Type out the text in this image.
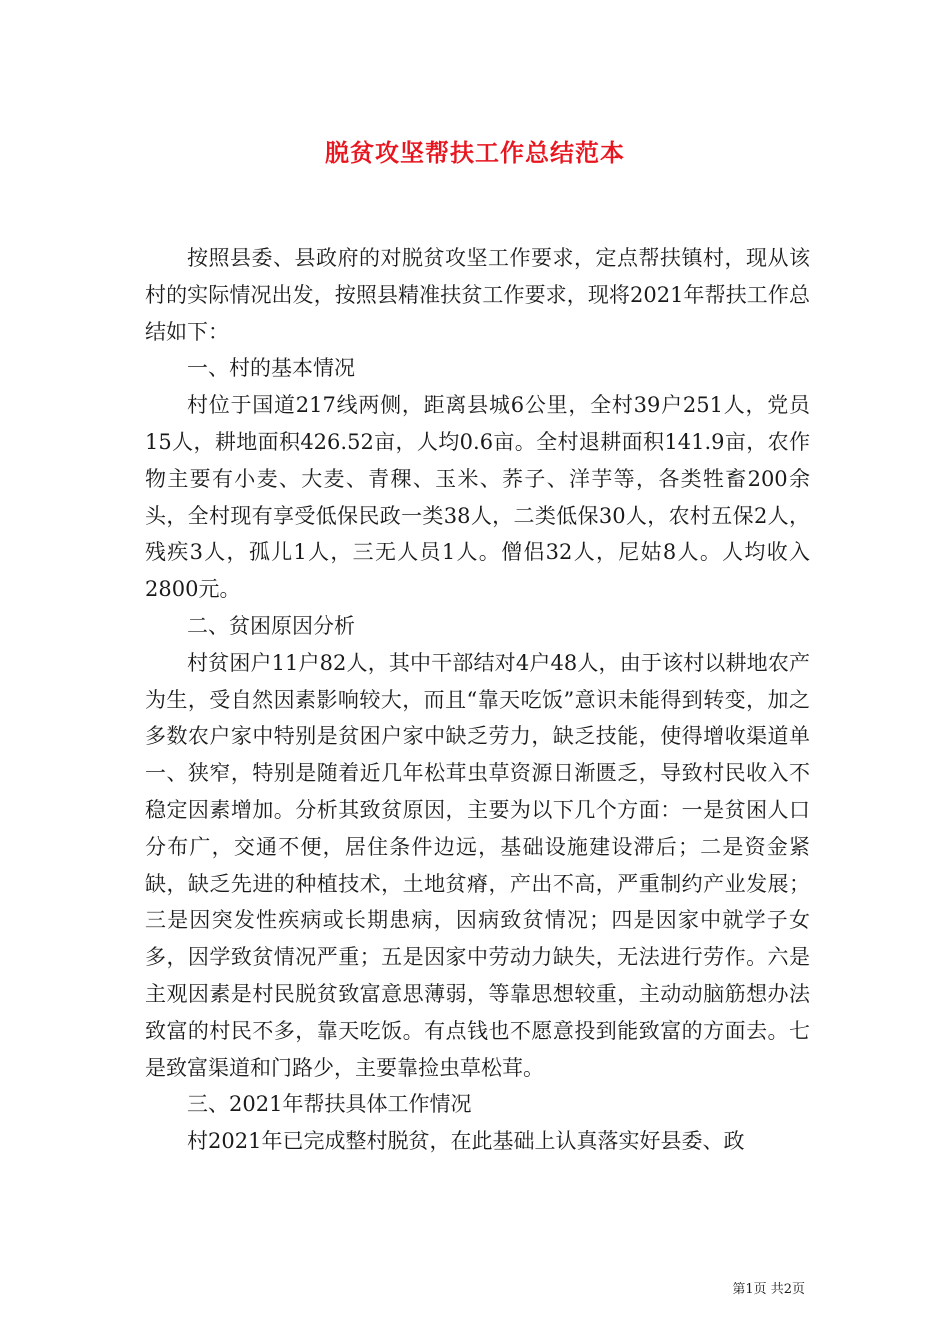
脱贫攻坚帮扶工作总结范本

按照县委、县政府的对脱贫攻坚工作要求，定点帮扶镇村，现从该村的实际情况出发，按照县精准扶贫工作要求，现将2021年帮扶工作总结如下：

一、村的基本情况

村位于国道217线两侧，距离县城6公里，全村39户251人，党员15人，耕地面积426.52亩，人均0.6亩。全村退耕面积141.9亩，农作物主要有小麦、大麦、青稞、玉米、荞子、洋芋等，各类牲畜200余头，全村现有享受低保民政一类38人，二类低保30人，农村五保2人，残疾3人，孤儿1人，三无人员1人。僧侣32人，尼姑8人。人均收入2800元。

二、贫困原因分析

村贫困户11户82人，其中干部结对4户48人，由于该村以耕地农产为生，受自然因素影响较大，而且“靠天吃饭”意识未能得到转变，加之多数农户家中特别是贫困户家中缺乏劳力，缺乏技能，使得增收渠道单一、狭窄，特别是随着近几年松茸虫草资源日渐匮乏，导致村民收入不稳定因素增加。分析其致贫原因，主要为以下几个方面：一是贫困人口分布广，交通不便，居住条件边远，基础设施建设滞后；二是资金紧缺，缺乏先进的种植技术，土地贫瘠，产出不高，严重制约产业发展；三是因突发性疾病或长期患病，因病致贫情况；四是因家中就学子女多，因学致贫情况严重；五是因家中劳动力缺失，无法进行劳作。六是主观因素是村民脱贫致富意思薄弱，等靠思想较重，主动动脑筋想办法致富的村民不多，靠天吃饭。有点钱也不愿意投到能致富的方面去。七是致富渠道和门路少，主要靠捡虫草松茸。

三、2021年帮扶具体工作情况

村2021年已完成整村脱贫，在此基础上认真落实好县委、政

第1页 共2页
